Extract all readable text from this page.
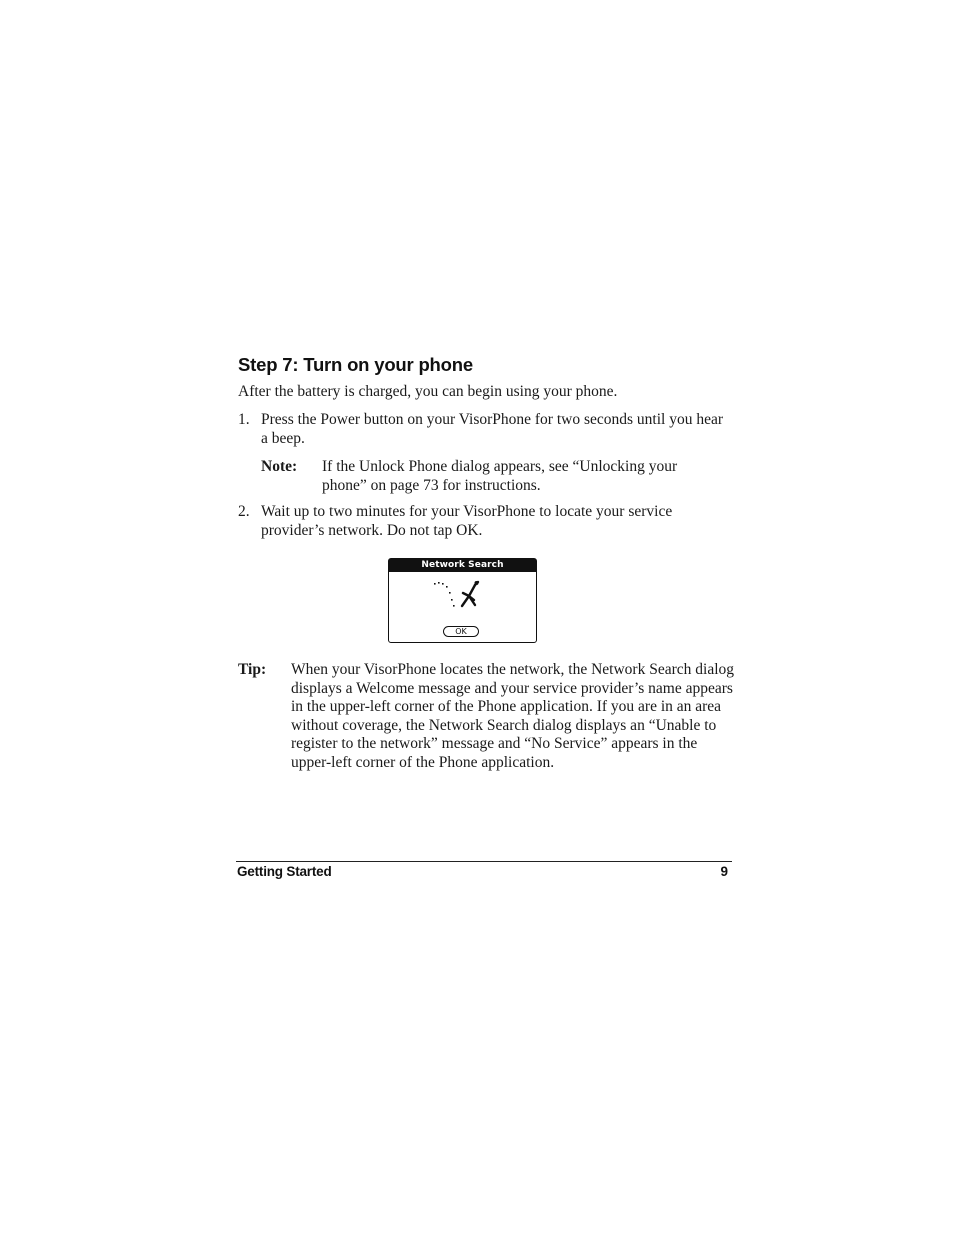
Step 7: Turn on your phone

After the battery is charged, you can begin using your phone.

1. Press the Power button on your VisorPhone for two seconds until you hear a beep.
Note: If the Unlock Phone dialog appears, see “Unlocking your phone” on page 73 for instructions.
2. Wait up to two minutes for your VisorPhone to locate your service provider’s network. Do not tap OK.
Network Search
OK
Tip: When your VisorPhone locates the network, the Network Search dialog displays a Welcome message and your service provider’s name appears in the upper-left corner of the Phone application. If you are in an area without coverage, the Network Search dialog displays an “Unable to register to the network” message and “No Service” appears in the upper-left corner of the Phone application.
Getting Started	9
